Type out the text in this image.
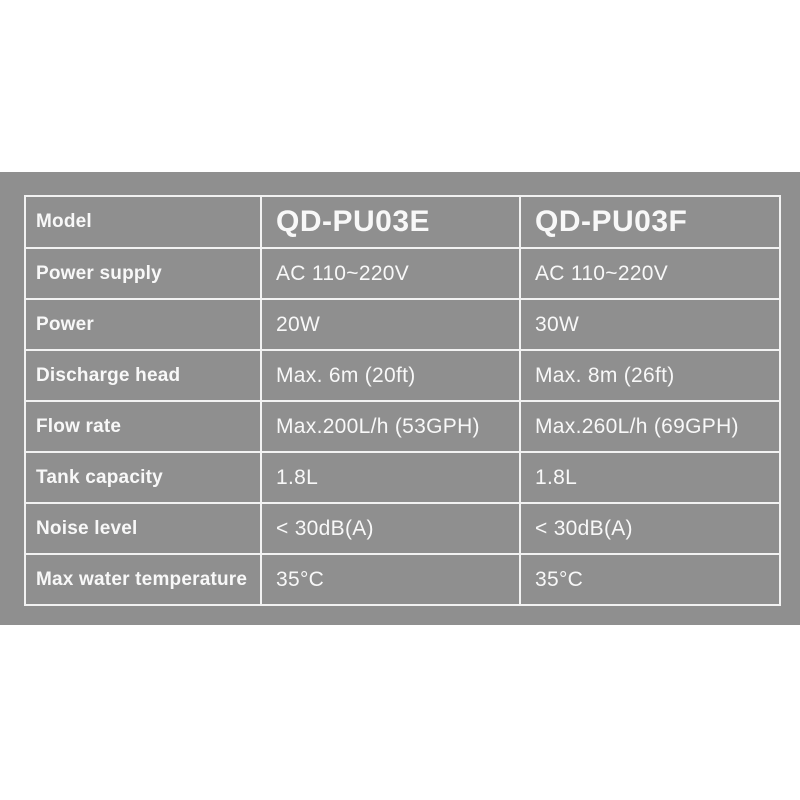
Model	QD-PU03E	QD-PU03F
Power supply	AC 110~220V	AC 110~220V
Power	20W	30W
Discharge head	Max. 6m (20ft)	Max. 8m (26ft)
Flow rate	Max.200L/h (53GPH)	Max.260L/h (69GPH)
Tank capacity	1.8L	1.8L
Noise level	< 30dB(A)	< 30dB(A)
Max water temperature	35°C	35°C
